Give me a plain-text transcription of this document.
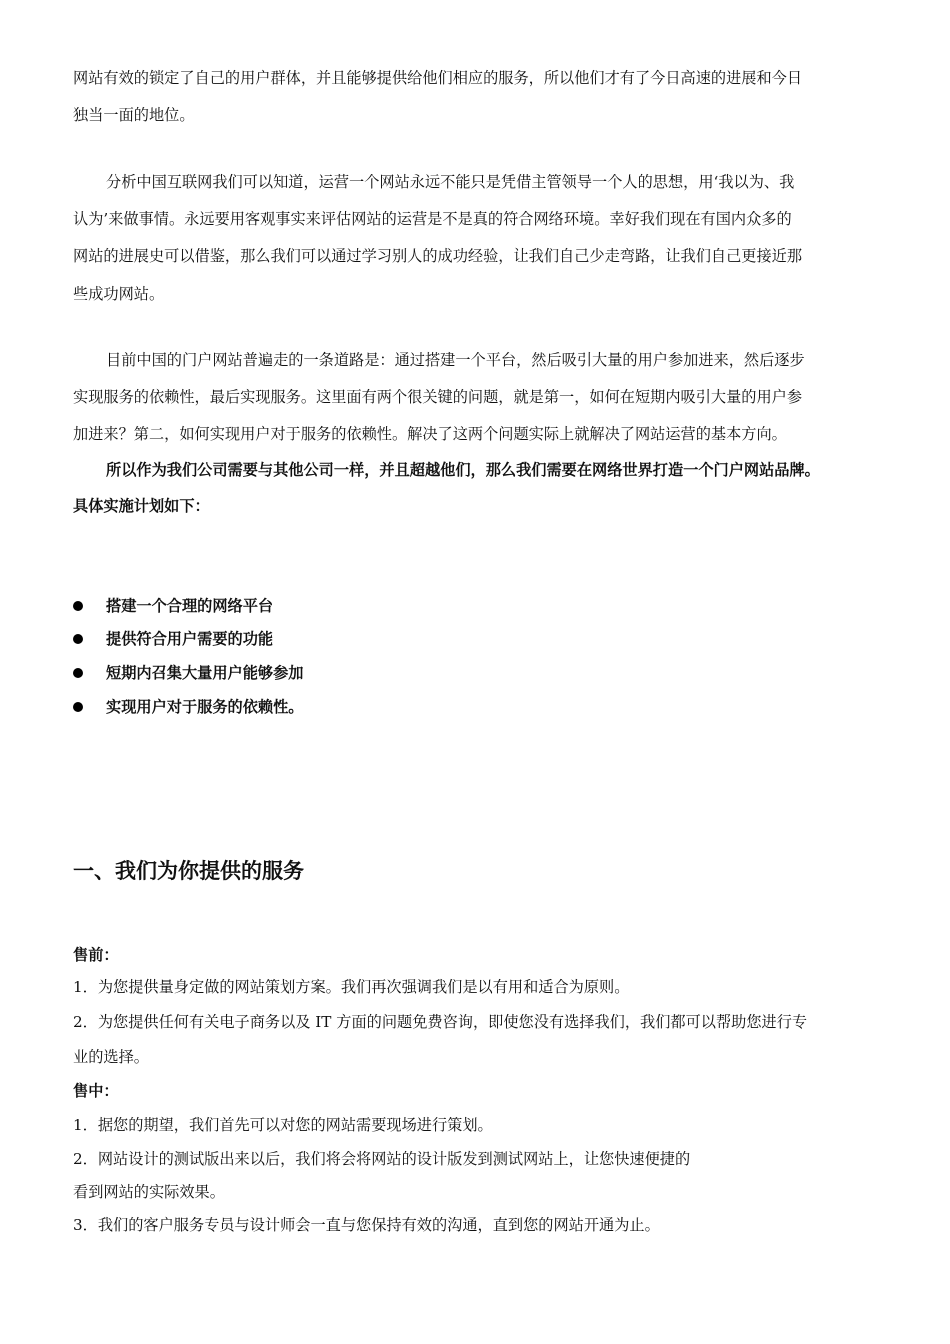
网站有效的锁定了自己的用户群体，并且能够提供给他们相应的服务，所以他们才有了今日高速的进展和今日
独当一面的地位。
分析中国互联网我们可以知道，运营一个网站永远不能只是凭借主管领导一个人的思想，用‘我以为、我
认为’来做事情。永远要用客观事实来评估网站的运营是不是真的符合网络环境。幸好我们现在有国内众多的
网站的进展史可以借鉴，那么我们可以通过学习别人的成功经验，让我们自己少走弯路，让我们自己更接近那
些成功网站。
目前中国的门户网站普遍走的一条道路是：通过搭建一个平台，然后吸引大量的用户参加进来，然后逐步
实现服务的依赖性，最后实现服务。这里面有两个很关键的问题，就是第一，如何在短期内吸引大量的用户参
加进来？第二，如何实现用户对于服务的依赖性。解决了这两个问题实际上就解决了网站运营的基本方向。
所以作为我们公司需要与其他公司一样，并且超越他们，那么我们需要在网络世界打造一个门户网站品牌。
具体实施计划如下：
搭建一个合理的网络平台
提供符合用户需要的功能
短期内召集大量用户能够参加
实现用户对于服务的依赖性。
一、我们为你提供的服务
售前：
1．为您提供量身定做的网站策划方案。我们再次强调我们是以有用和适合为原则。
2．为您提供任何有关电子商务以及 IT 方面的问题免费咨询，即使您没有选择我们，我们都可以帮助您进行专
业的选择。
售中：
1．据您的期望，我们首先可以对您的网站需要现场进行策划。
2．网站设计的测试版出来以后，我们将会将网站的设计版发到测试网站上，让您快速便捷的
看到网站的实际效果。
3．我们的客户服务专员与设计师会一直与您保持有效的沟通，直到您的网站开通为止。
